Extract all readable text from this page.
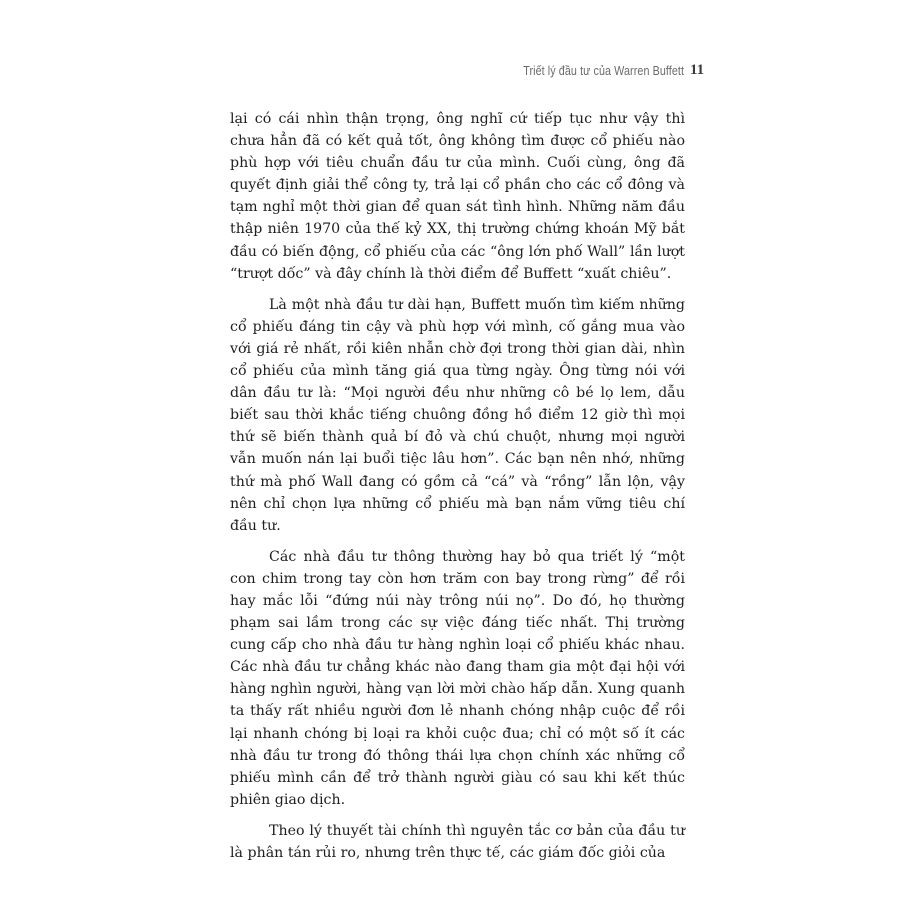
Triết lý đầu tư của Warren Buffett 11

lại có cái nhìn thận trọng, ông nghĩ cứ tiếp tục như vậy thì chưa hẳn đã có kết quả tốt, ông không tìm được cổ phiếu nào phù hợp với tiêu chuẩn đầu tư của mình. Cuối cùng, ông đã quyết định giải thể công ty, trả lại cổ phần cho các cổ đông và tạm nghỉ một thời gian để quan sát tình hình. Những năm đầu thập niên 1970 của thế kỷ XX, thị trường chứng khoán Mỹ bắt đầu có biến động, cổ phiếu của các “ông lớn phố Wall” lần lượt “trượt dốc” và đây chính là thời điểm để Buffett “xuất chiêu”.

Là một nhà đầu tư dài hạn, Buffett muốn tìm kiếm những cổ phiếu đáng tin cậy và phù hợp với mình, cố gắng mua vào với giá rẻ nhất, rồi kiên nhẫn chờ đợi trong thời gian dài, nhìn cổ phiếu của mình tăng giá qua từng ngày. Ông từng nói với dân đầu tư là: “Mọi người đều như những cô bé lọ lem, dẫu biết sau thời khắc tiếng chuông đồng hồ điểm 12 giờ thì mọi thứ sẽ biến thành quả bí đỏ và chú chuột, nhưng mọi người vẫn muốn nán lại buổi tiệc lâu hơn”. Các bạn nên nhớ, những thứ mà phố Wall đang có gồm cả “cá” và “rồng” lẫn lộn, vậy nên chỉ chọn lựa những cổ phiếu mà bạn nắm vững tiêu chí đầu tư.

Các nhà đầu tư thông thường hay bỏ qua triết lý “một con chim trong tay còn hơn trăm con bay trong rừng” để rồi hay mắc lỗi “đứng núi này trông núi nọ”. Do đó, họ thường phạm sai lầm trong các sự việc đáng tiếc nhất. Thị trường cung cấp cho nhà đầu tư hàng nghìn loại cổ phiếu khác nhau. Các nhà đầu tư chẳng khác nào đang tham gia một đại hội với hàng nghìn người, hàng vạn lời mời chào hấp dẫn. Xung quanh ta thấy rất nhiều người đơn lẻ nhanh chóng nhập cuộc để rồi lại nhanh chóng bị loại ra khỏi cuộc đua; chỉ có một số ít các nhà đầu tư trong đó thông thái lựa chọn chính xác những cổ phiếu mình cần để trở thành người giàu có sau khi kết thúc phiên giao dịch.

Theo lý thuyết tài chính thì nguyên tắc cơ bản của đầu tư là phân tán rủi ro, nhưng trên thực tế, các giám đốc giỏi của
